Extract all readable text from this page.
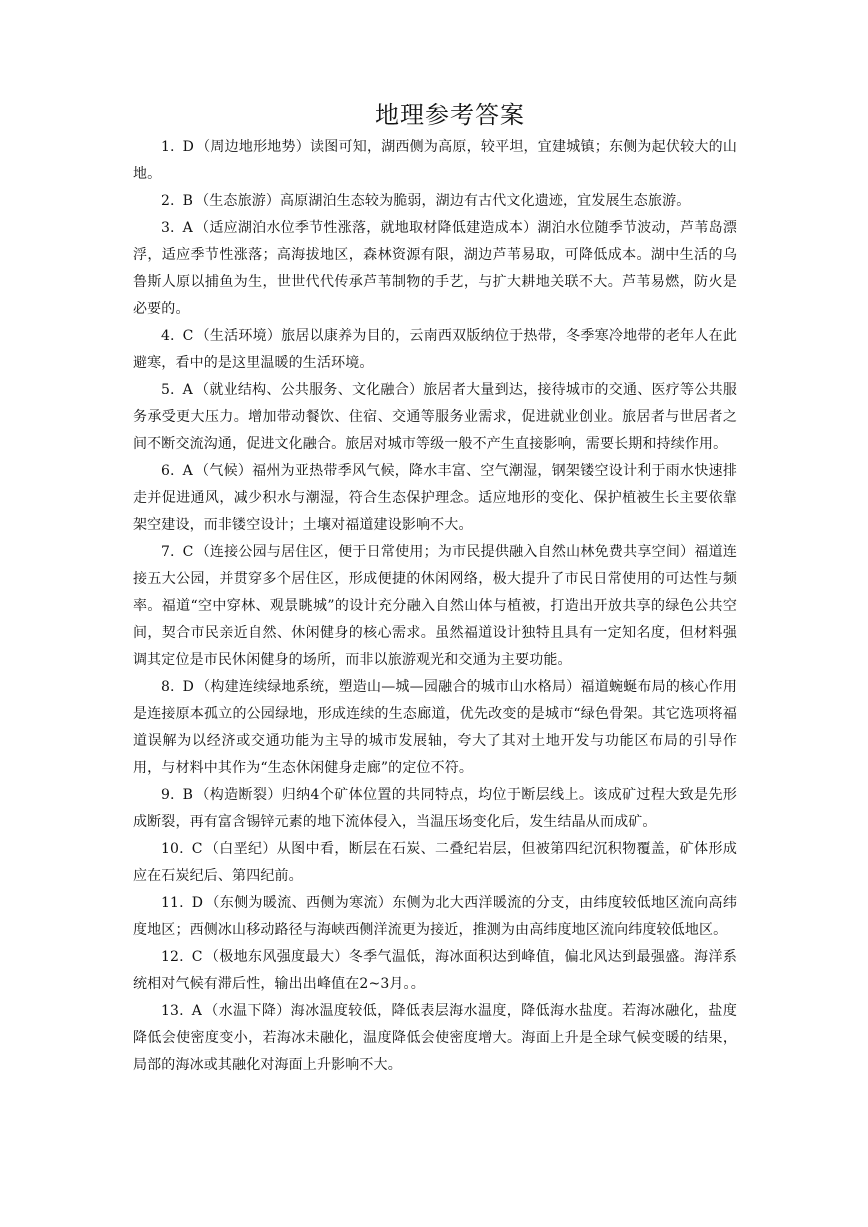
地理参考答案

1. D （周边地形地势）读图可知，湖西侧为高原，较平坦，宜建城镇；东侧为起伏较大的山地。

2. B （生态旅游）高原湖泊生态较为脆弱，湖边有古代文化遗迹，宜发展生态旅游。

3. A （适应湖泊水位季节性涨落，就地取材降低建造成本）湖泊水位随季节波动，芦苇岛漂浮，适应季节性涨落；高海拔地区，森林资源有限，湖边芦苇易取，可降低成本。湖中生活的乌鲁斯人原以捕鱼为生，世世代代传承芦苇制物的手艺，与扩大耕地关联不大。芦苇易燃，防火是必要的。

4. C （生活环境）旅居以康养为目的，云南西双版纳位于热带，冬季寒冷地带的老年人在此避寒，看中的是这里温暖的生活环境。

5. A （就业结构、公共服务、文化融合）旅居者大量到达，接待城市的交通、医疗等公共服务承受更大压力。增加带动餐饮、住宿、交通等服务业需求，促进就业创业。旅居者与世居者之间不断交流沟通，促进文化融合。旅居对城市等级一般不产生直接影响，需要长期和持续作用。

6. A （气候）福州为亚热带季风气候，降水丰富、空气潮湿，钢架镂空设计利于雨水快速排走并促进通风，减少积水与潮湿，符合生态保护理念。适应地形的变化、保护植被生长主要依靠架空建设，而非镂空设计；土壤对福道建设影响不大。

7. C （连接公园与居住区，便于日常使用；为市民提供融入自然山林免费共享空间）福道连接五大公园，并贯穿多个居住区，形成便捷的休闲网络，极大提升了市民日常使用的可达性与频率。福道“空中穿林、观景眺城”的设计充分融入自然山体与植被，打造出开放共享的绿色公共空间，契合市民亲近自然、休闲健身的核心需求。虽然福道设计独特且具有一定知名度，但材料强调其定位是市民休闲健身的场所，而非以旅游观光和交通为主要功能。

8. D （构建连续绿地系统，塑造山—城—园融合的城市山水格局）福道蜿蜒布局的核心作用是连接原本孤立的公园绿地，形成连续的生态廊道，优先改变的是城市“绿色骨架。其它选项将福道误解为以经济或交通功能为主导的城市发展轴，夸大了其对土地开发与功能区布局的引导作用，与材料中其作为“生态休闲健身走廊”的定位不符。

9. B （构造断裂）归纳4个矿体位置的共同特点，均位于断层线上。该成矿过程大致是先形成断裂，再有富含锡锌元素的地下流体侵入，当温压场变化后，发生结晶从而成矿。

10. C （白垩纪）从图中看，断层在石炭、二叠纪岩层，但被第四纪沉积物覆盖，矿体形成应在石炭纪后、第四纪前。

11. D （东侧为暖流、西侧为寒流）东侧为北大西洋暖流的分支，由纬度较低地区流向高纬度地区；西侧冰山移动路径与海峡西侧洋流更为接近，推测为由高纬度地区流向纬度较低地区。

12. C （极地东风强度最大）冬季气温低，海冰面积达到峰值，偏北风达到最强盛。海洋系统相对气候有滞后性，输出出峰值在2~3月。。

13. A （水温下降）海冰温度较低，降低表层海水温度，降低海水盐度。若海冰融化，盐度降低会使密度变小，若海冰未融化，温度降低会使密度增大。海面上升是全球气候变暖的结果，局部的海冰或其融化对海面上升影响不大。
